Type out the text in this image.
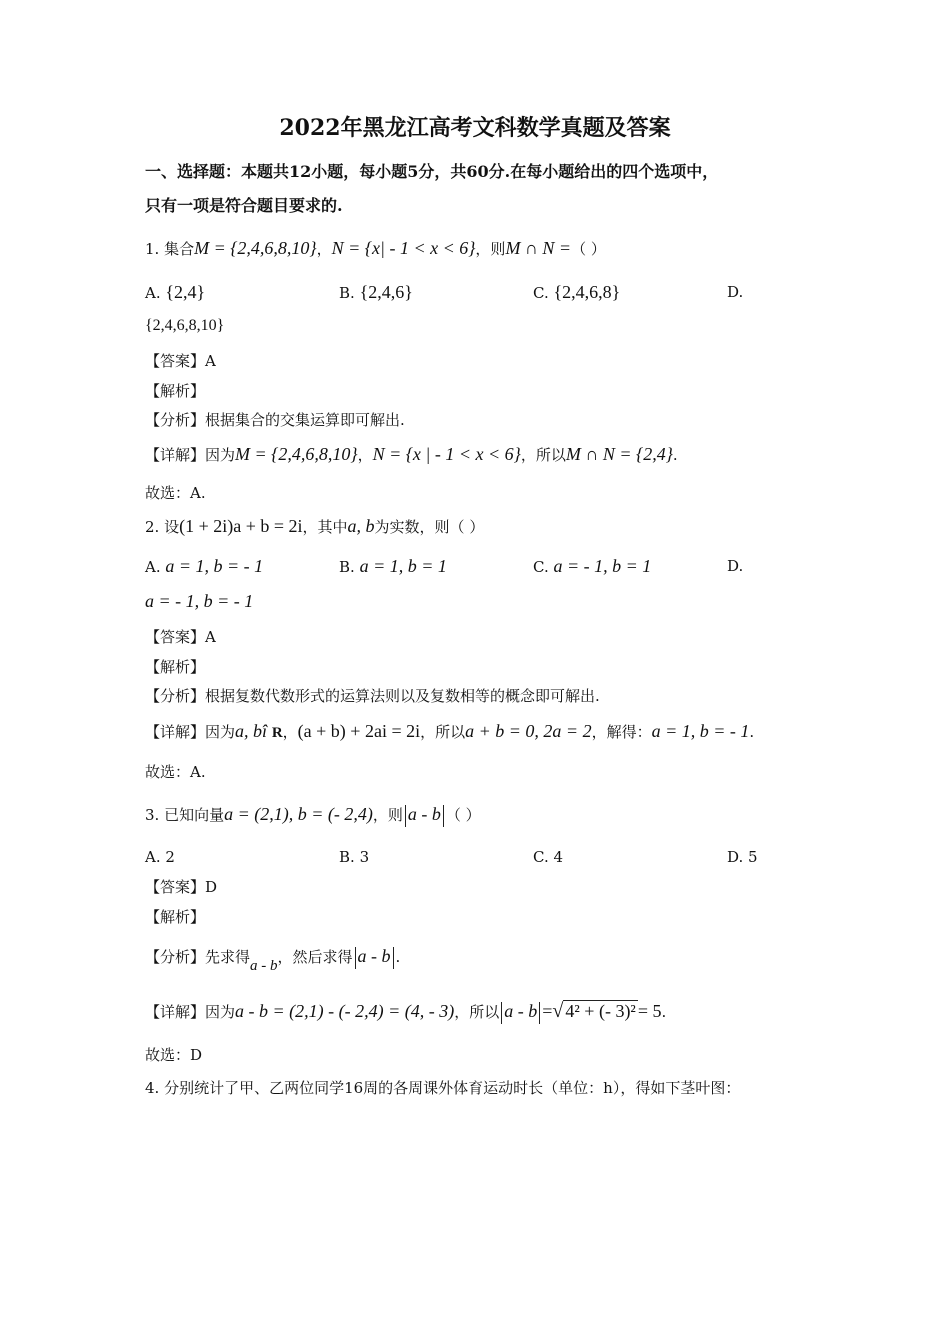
2022年黑龙江高考文科数学真题及答案
一、选择题：本题共12小题，每小题5分，共60分.在每小题给出的四个选项中，
只有一项是符合题目要求的.
1. 集合M = {2,4,6,8,10}，N = {x| - 1 < x < 6}，则M ∩ N =（ ）
A. {2,4}	B. {2,4,6}	C. {2,4,6,8}	D.
{2,4,6,8,10}
【答案】A
【解析】
【分析】根据集合的交集运算即可解出.
【详解】因为M = {2,4,6,8,10}，N = {x | - 1 < x < 6}，所以M ∩ N = {2,4}.
故选：A.
2. 设(1 + 2i)a + b = 2i，其中a, b为实数，则（ ）
A. a = 1, b = - 1	B. a = 1, b = 1	C. a = - 1, b = 1	D.
a = - 1, b = - 1
【答案】A
【解析】
【分析】根据复数代数形式的运算法则以及复数相等的概念即可解出.
【详解】因为a, bî R，(a + b) + 2ai = 2i，所以a + b = 0, 2a = 2，解得：a = 1, b = - 1.
故选：A.
3. 已知向量a = (2,1), b = (- 2,4)，则 a - b （ ）
A. 2	B. 3	C. 4	D. 5
【答案】D
【解析】
【分析】先求得a - b，然后求得 a - b .
【详解】因为a - b = (2,1) - (- 2,4) = (4, - 3)，所以 a - b =√ 4² + (- 3)² = 5.
故选：D
4. 分别统计了甲、乙两位同学16周的各周课外体育运动时长（单位：h），得如下茎叶图：
